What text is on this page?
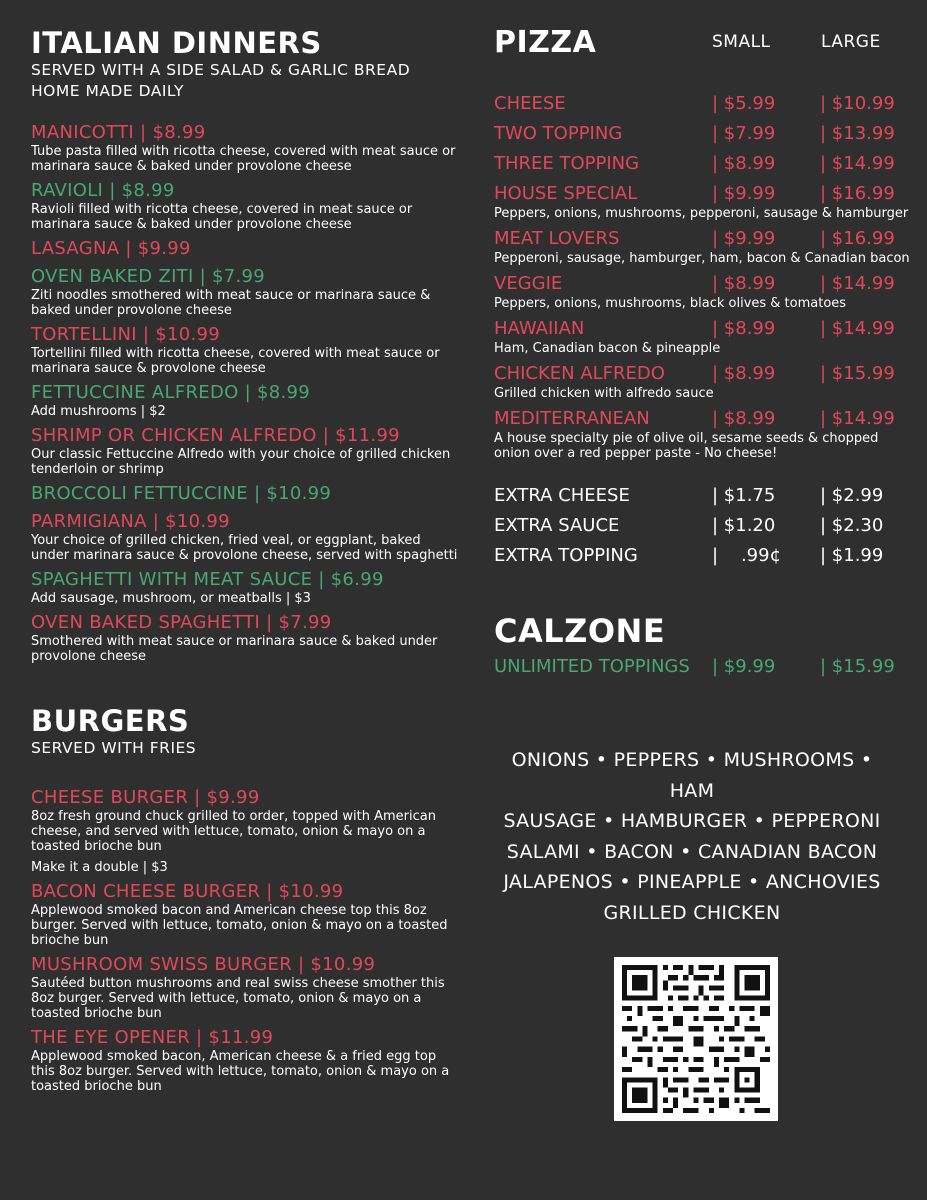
ITALIAN DINNERS
SERVED WITH A SIDE SALAD & GARLIC BREAD
HOME MADE DAILY
MANICOTTI | $8.99
Tube pasta filled with ricotta cheese, covered with meat sauce or marinara sauce & baked under provolone cheese
RAVIOLI | $8.99
Ravioli filled with ricotta cheese, covered in meat sauce or marinara sauce & baked under provolone cheese
LASAGNA | $9.99
OVEN BAKED ZITI | $7.99
Ziti noodles smothered with meat sauce or marinara sauce & baked under provolone cheese
TORTELLINI | $10.99
Tortellini filled with ricotta cheese, covered with meat sauce or marinara sauce & provolone cheese
FETTUCCINE ALFREDO | $8.99
Add mushrooms | $2
SHRIMP OR CHICKEN ALFREDO | $11.99
Our classic Fettuccine Alfredo with your choice of grilled chicken tenderloin or shrimp
BROCCOLI FETTUCCINE | $10.99
PARMIGIANA | $10.99
Your choice of grilled chicken, fried veal, or eggplant, baked under marinara sauce & provolone cheese, served with spaghetti
SPAGHETTI WITH MEAT SAUCE | $6.99
Add sausage, mushroom, or meatballs | $3
OVEN BAKED SPAGHETTI | $7.99
Smothered with meat sauce or marinara sauce & baked under provolone cheese
BURGERS
SERVED WITH FRIES
CHEESE BURGER | $9.99
8oz fresh ground chuck grilled to order, topped with American cheese, and served with lettuce, tomato, onion & mayo on a toasted brioche bun
Make it a double | $3
BACON CHEESE BURGER | $10.99
Applewood smoked bacon and American cheese top this 8oz burger. Served with lettuce, tomato, onion & mayo on a toasted brioche bun
MUSHROOM SWISS BURGER | $10.99
Sautéed button mushrooms and real swiss cheese smother this 8oz burger. Served with lettuce, tomato, onion & mayo on a toasted brioche bun
THE EYE OPENER | $11.99
Applewood smoked bacon, American cheese & a fried egg top this 8oz burger. Served with lettuce, tomato, onion & mayo on a toasted brioche bun
PIZZA	SMALL	LARGE
CHEESE	| $5.99 | $10.99
TWO TOPPING	| $7.99 | $13.99
THREE TOPPING	| $8.99 | $14.99
HOUSE SPECIAL	| $9.99 | $16.99
Peppers, onions, mushrooms, pepperoni, sausage & hamburger
MEAT LOVERS	| $9.99 | $16.99
Pepperoni, sausage, hamburger, ham, bacon & Canadian bacon
VEGGIE	| $8.99 | $14.99
Peppers, onions, mushrooms, black olives & tomatoes
HAWAIIAN	| $8.99 | $14.99
Ham, Canadian bacon & pineapple
CHICKEN ALFREDO	| $8.99 | $15.99
Grilled chicken with alfredo sauce
MEDITERRANEAN	| $8.99 | $14.99
A house specialty pie of olive oil, sesame seeds & chopped
onion over a red pepper paste - No cheese!
EXTRA CHEESE	| $1.75 | $2.99
EXTRA SAUCE	| $1.20 | $2.30
EXTRA TOPPING	|    .99¢ | $1.99
CALZONE
UNLIMITED TOPPINGS | $9.99 | $15.99
ONIONS • PEPPERS • MUSHROOMS • HAM
SAUSAGE • HAMBURGER • PEPPERONI
SALAMI • BACON • CANADIAN BACON
JALAPENOS • PINEAPPLE • ANCHOVIES
GRILLED CHICKEN
